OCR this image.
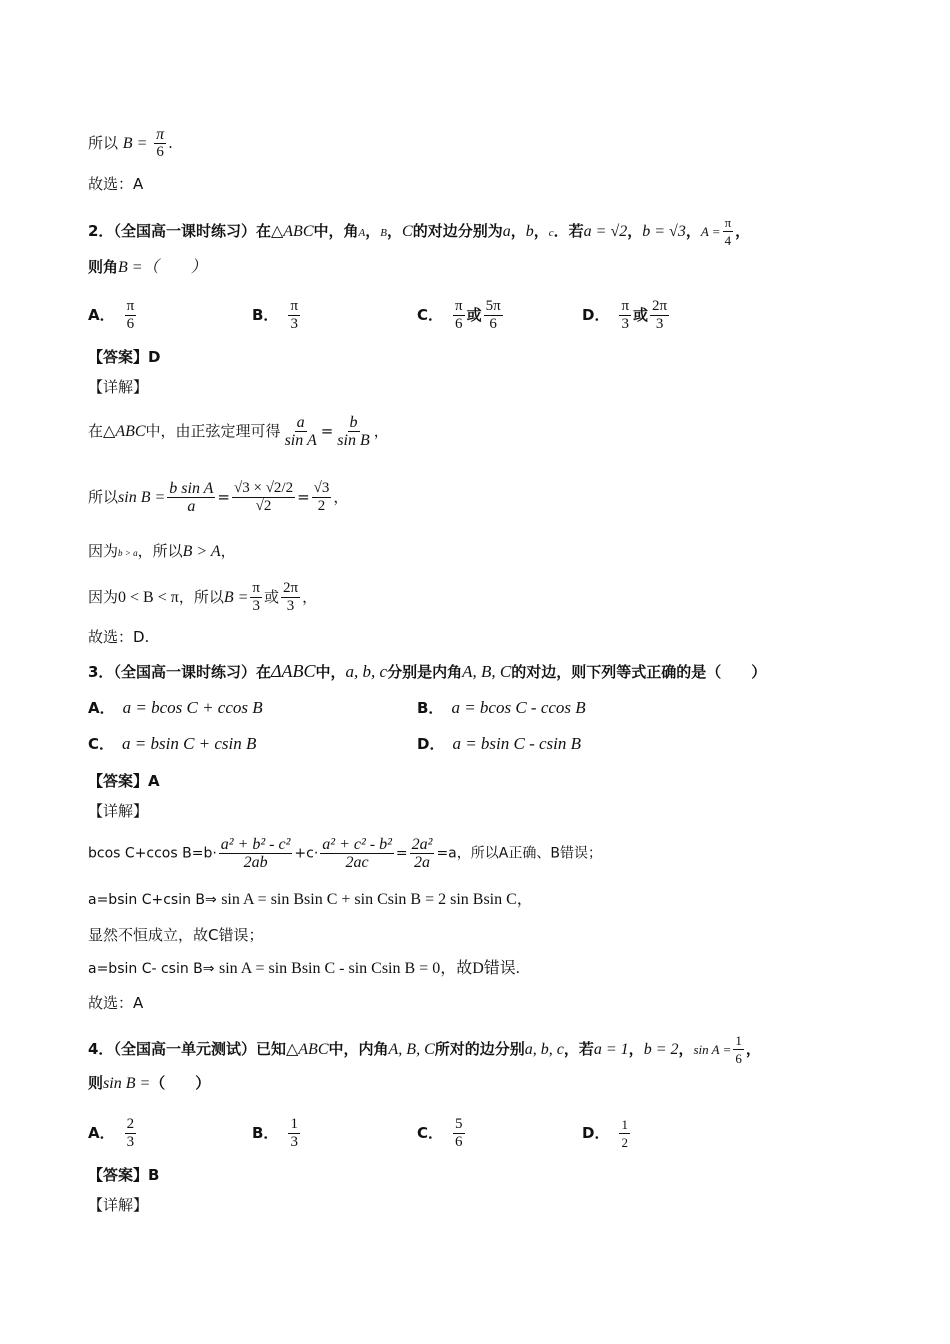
所以 $B = \frac{\pi}{6}$ .
故选：A
2．（全国高一课时练习）在△ABC中，角A，B，C的对边分别为a，b，c．若a = √2，b = √3，$A = \frac{\pi}{4}$ ，
则角B =（　　）
A． $\frac{\pi}{6}$	B． $\frac{\pi}{3}$	C． $\frac{\pi}{6}$ 或 $\frac{5\pi}{6}$	D． $\frac{\pi}{3}$ 或 $\frac{2\pi}{3}$
【答案】D
【详解】
在△ABC中，由正弦定理可得 $\frac{a}{\text{sin A}} = \frac{b}{\text{sin B}}$ ，
所以$\sin B = \frac{\text{b sin A}}{a} = \frac{√3 \times √2/2}{√2} = \frac{√3}{2}$ ，
因为b > a，所以B > A，
因为0 < B < π，所以$B = \frac{\pi}{3}$ 或 $\frac{2\pi}{3}$ ，
故选：D.
3．（全国高一课时练习）在ΔABC中，a, b, c分别是内角A, B, C的对边，则下列等式正确的是（　　）
A． a = bcos C + ccos B	B． a = bcos C - ccos B
C． a = bsin C + csin B	D． a = bsin C - csin B
【答案】A
【详解】
bcos C+ccos $B=b\cdot \frac{\text{a² + b² - c²}}{2ab} +c\cdot \frac{\text{a² + c² - b²}}{2ac} = \frac{\text{2a²}}{2a} =a$，所以A正确、B错误；
a=bsin C+csin B⇒ sin A = sin Bsin C + sin Csin B = 2 sin Bsin C，
显然不恒成立，故C错误；
a=bsin C- csin B⇒ sin A = sin Bsin C - sin Csin B = 0，故D错误.
故选：A
4．（全国高一单元测试）已知△ABC中，内角A, B, C所对的边分别a, b, c，若a = 1，b = 2，$\sin A = \frac{1}{6}$ ，
则sin B =（　　）
A． $\frac{2}{3}$	B． $\frac{1}{3}$	C． $\frac{5}{6}$	D． $\frac{1}{2}$
【答案】B
【详解】
